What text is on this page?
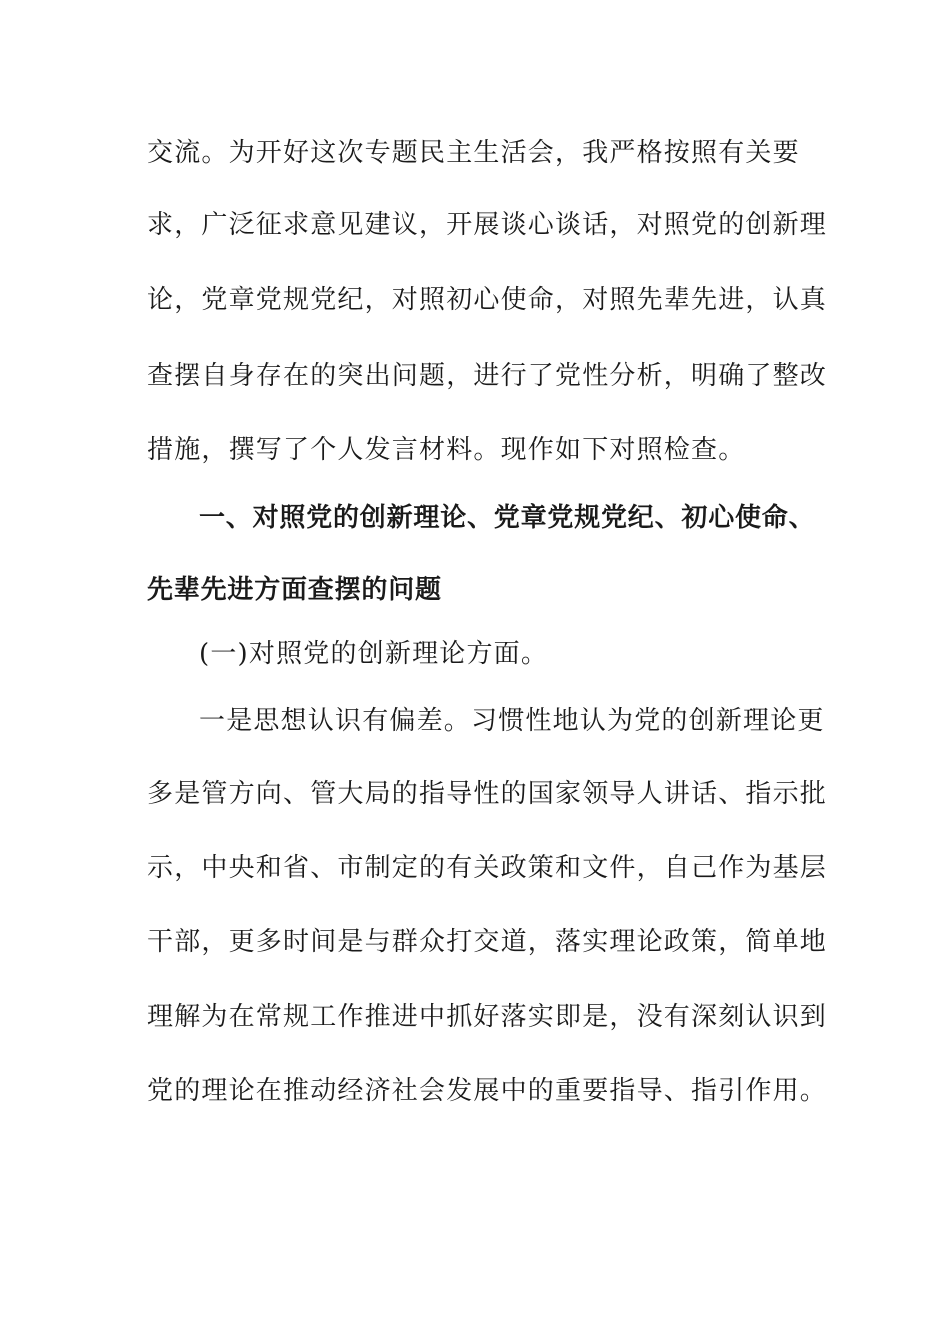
交流。为开好这次专题民主生活会，我严格按照有关要
求，广泛征求意见建议，开展谈心谈话，对照党的创新理
论，党章党规党纪，对照初心使命，对照先辈先进，认真
查摆自身存在的突出问题，进行了党性分析，明确了整改
措施，撰写了个人发言材料。现作如下对照检查。
一、对照党的创新理论、党章党规党纪、初心使命、
先辈先进方面查摆的问题
(一)对照党的创新理论方面。
一是思想认识有偏差。习惯性地认为党的创新理论更
多是管方向、管大局的指导性的国家领导人讲话、指示批
示，中央和省、市制定的有关政策和文件，自己作为基层
干部，更多时间是与群众打交道，落实理论政策，简单地
理解为在常规工作推进中抓好落实即是，没有深刻认识到
党的理论在推动经济社会发展中的重要指导、指引作用。
